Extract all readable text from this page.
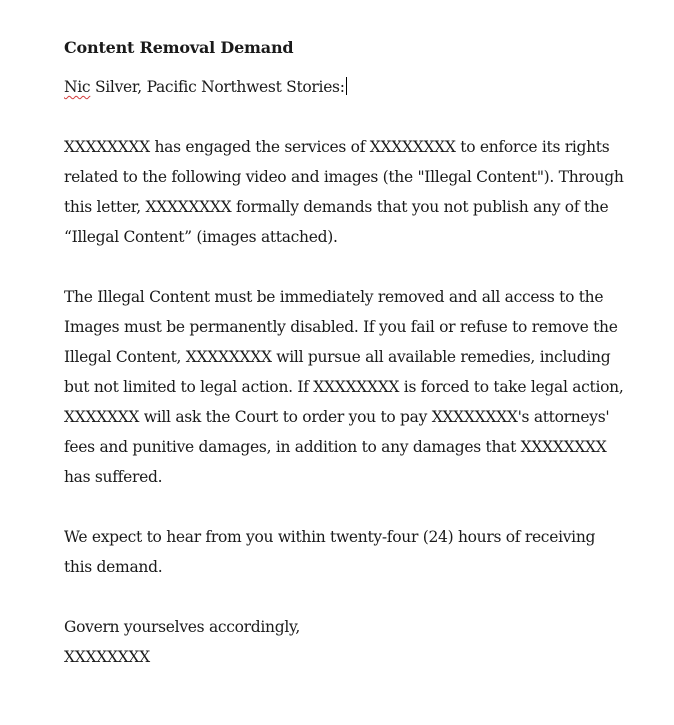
Content Removal Demand
Nic Silver, Pacific Northwest Stories:
XXXXXXXX has engaged the services of XXXXXXXX to enforce its rights related to the following video and images (the "Illegal Content"). Through this letter, XXXXXXXX formally demands that you not publish any of the “Illegal Content” (images attached).
The Illegal Content must be immediately removed and all access to the Images must be permanently disabled. If you fail or refuse to remove the Illegal Content, XXXXXXXX will pursue all available remedies, including but not limited to legal action. If XXXXXXXX is forced to take legal action, XXXXXXX will ask the Court to order you to pay XXXXXXXX's attorneys' fees and punitive damages, in addition to any damages that XXXXXXXX has suffered.
We expect to hear from you within twenty-four (24) hours of receiving this demand.
Govern yourselves accordingly,
XXXXXXXX
